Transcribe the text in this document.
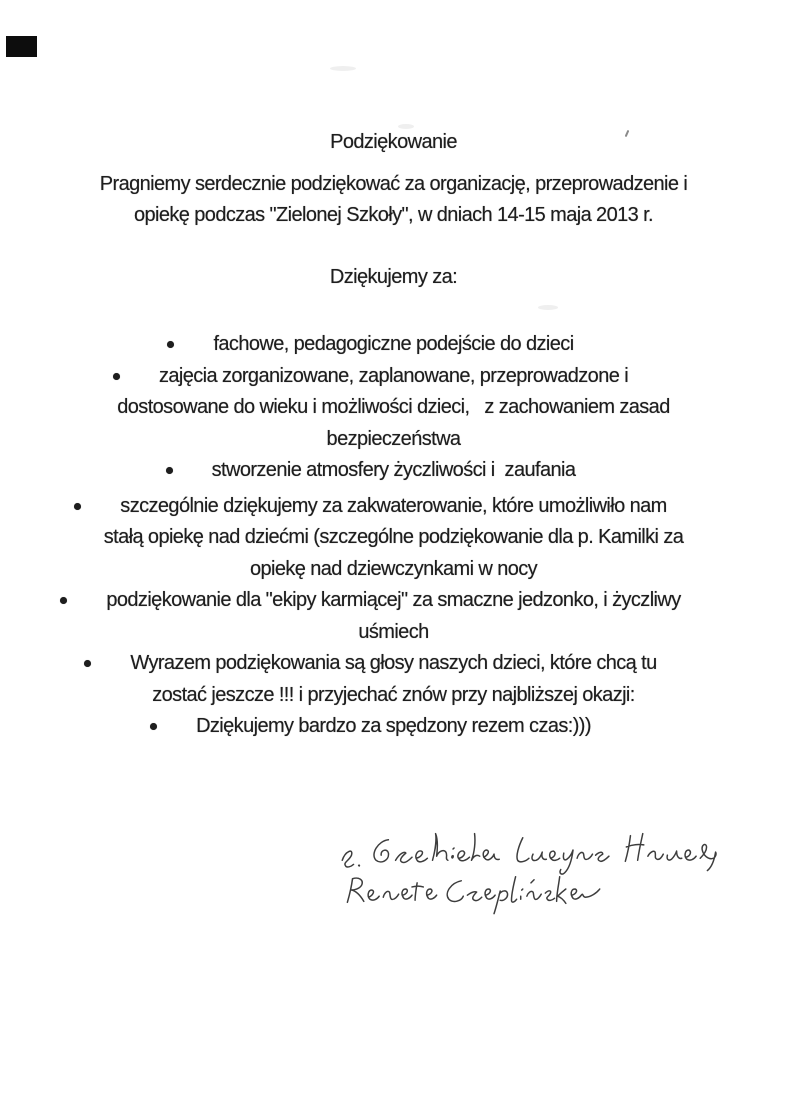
Podziękowanie
Pragniemy serdecznie podziękować za organizację, przeprowadzenie i
opiekę podczas "Zielonej Szkoły", w dniach 14-15 maja 2013 r.
Dziękujemy za:
fachowe, pedagogiczne podejście do dzieci
zajęcia zorganizowane, zaplanowane, przeprowadzone i
dostosowane do wieku i możliwości dzieci,   z zachowaniem zasad
bezpieczeństwa
stworzenie atmosfery życzliwości i  zaufania
szczególnie dziękujemy za zakwaterowanie, które umożliwiło nam
stałą opiekę nad dziećmi (szczególne podziękowanie dla p. Kamilki za
opiekę nad dziewczynkami w nocy
podziękowanie dla "ekipy karmiącej" za smaczne jedzonko, i życzliwy
uśmiech
Wyrazem podziękowania są głosy naszych dzieci, które chcą tu
zostać jeszcze !!! i przyjechać znów przy najbliższej okazji:
Dziękujemy bardzo za spędzony rezem czas:)))
